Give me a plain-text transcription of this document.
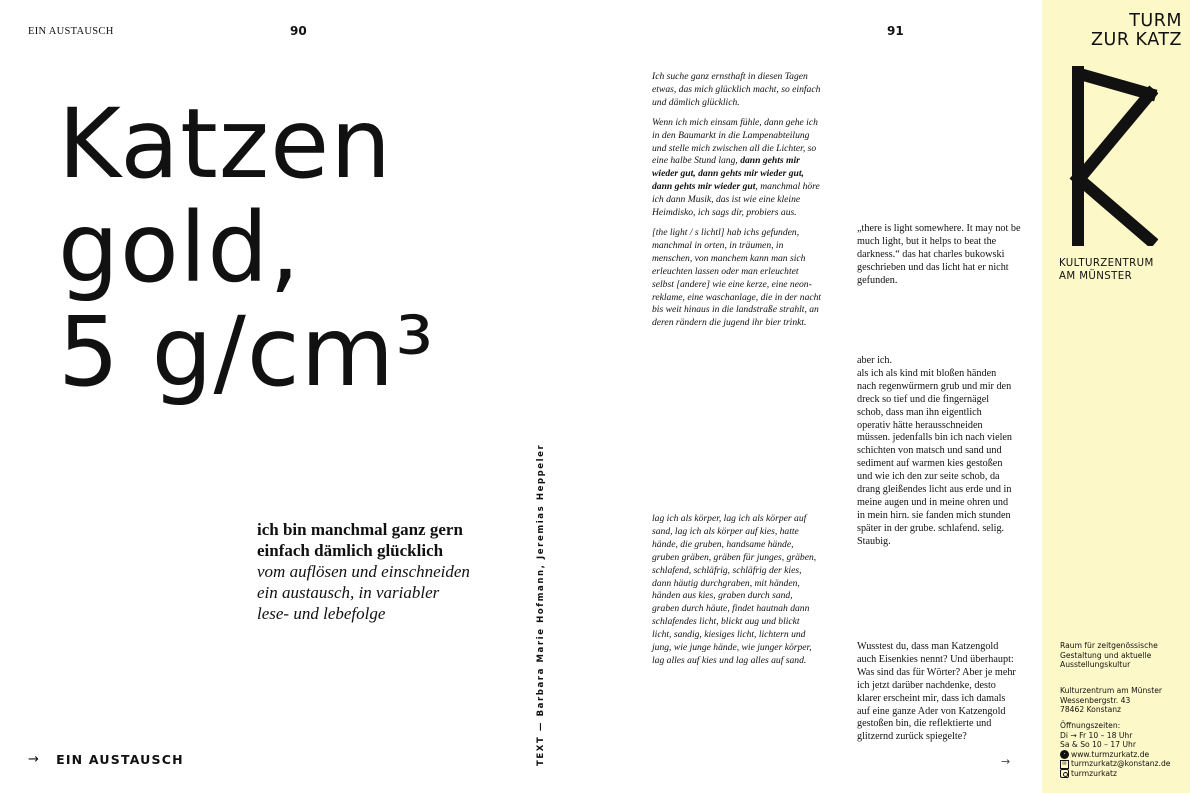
EIN AUSTAUSCH	90	91
Katzen
gold,
5 g/cm³
ich bin manchmal ganz gern
einfach dämlich glücklich
vom auflösen und einschneiden
ein austausch, in variabler
lese- und lebefolge
→ EIN AUSTAUSCH	TEXT — Barbara Marie Hofmann, Jeremias Heppeler

Ich suche ganz ernsthaft in diesen Tagen etwas, das mich glücklich macht, so einfach und dämlich glücklich.

Wenn ich mich einsam fühle, dann gehe ich in den Baumarkt in die Lampenabteilung und stelle mich zwischen all die Lichter, so eine halbe Stund lang, dann gehts mir wieder gut, dann gehts mir wieder gut, dann gehts mir wieder gut, manchmal höre ich dann Musik, das ist wie eine kleine Heimdisko, ich sags dir, probiers aus.

[the light / s lichtl] hab ichs gefunden, manchmal in orten, in träumen, in menschen, von manchem kann man sich erleuchten lassen oder man erleuchtet selbst [andere] wie eine kerze, eine neon-reklame, eine waschanlage, die in der nacht bis weit hinaus in die landstraße strahlt, an deren rändern die jugend ihr bier trinkt.

lag ich als körper, lag ich als körper auf sand, lag ich als körper auf kies, hatte hände, die gruben, handsame hände, gruben gräben, gräben für junges, gräben, schlafend, schläfrig, schläfrig der kies, dann häutig durchgraben, mit händen, händen aus kies, graben durch sand, graben durch häute, findet hautnah dann schlafendes licht, blickt aug und blickt licht, sandig, kiesiges licht, lichtern und jung, wie junge hände, wie junger körper, lag alles auf kies und lag alles auf sand.

„there is light somewhere. It may not be much light, but it helps to beat the darkness.“ das hat charles bukowski geschrieben und das licht hat er nicht gefunden.

aber ich.
als ich als kind mit bloßen händen nach regenwürmern grub und mir den dreck so tief und die fingernägel schob, dass man ihn eigentlich operativ hätte herausschneiden müssen. jedenfalls bin ich nach vielen schichten von matsch und sand und sediment auf warmen kies gestoßen und wie ich den zur seite schob, da drang gleißendes licht aus erde und in meine augen und in meine ohren und in mein hirn. sie fanden mich stunden später in der grube. schlafend. selig. Staubig.

Wusstest du, dass man Katzengold auch Eisenkies nennt? Und überhaupt: Was sind das für Wörter? Aber je mehr ich jetzt darüber nachdenke, desto klarer erscheint mir, dass ich damals auf eine ganze Ader von Katzengold gestoßen bin, die reflektierte und glitzernd zurück spiegelte?

→
TURM
ZUR KATZ
KULTURZENTRUM
AM MÜNSTER
Raum für zeitgenössische
Gestaltung und aktuelle
Ausstellungskultur
Kulturzentrum am Münster
Wessenbergstr. 43
78462 Konstanz
Öffnungszeiten:
Di → Fr 10 – 18 Uhr
Sa & So 10 – 17 Uhr
· www.turmzurkatz.de
✉ turmzurkatz@konstanz.de
turmzurkatz
